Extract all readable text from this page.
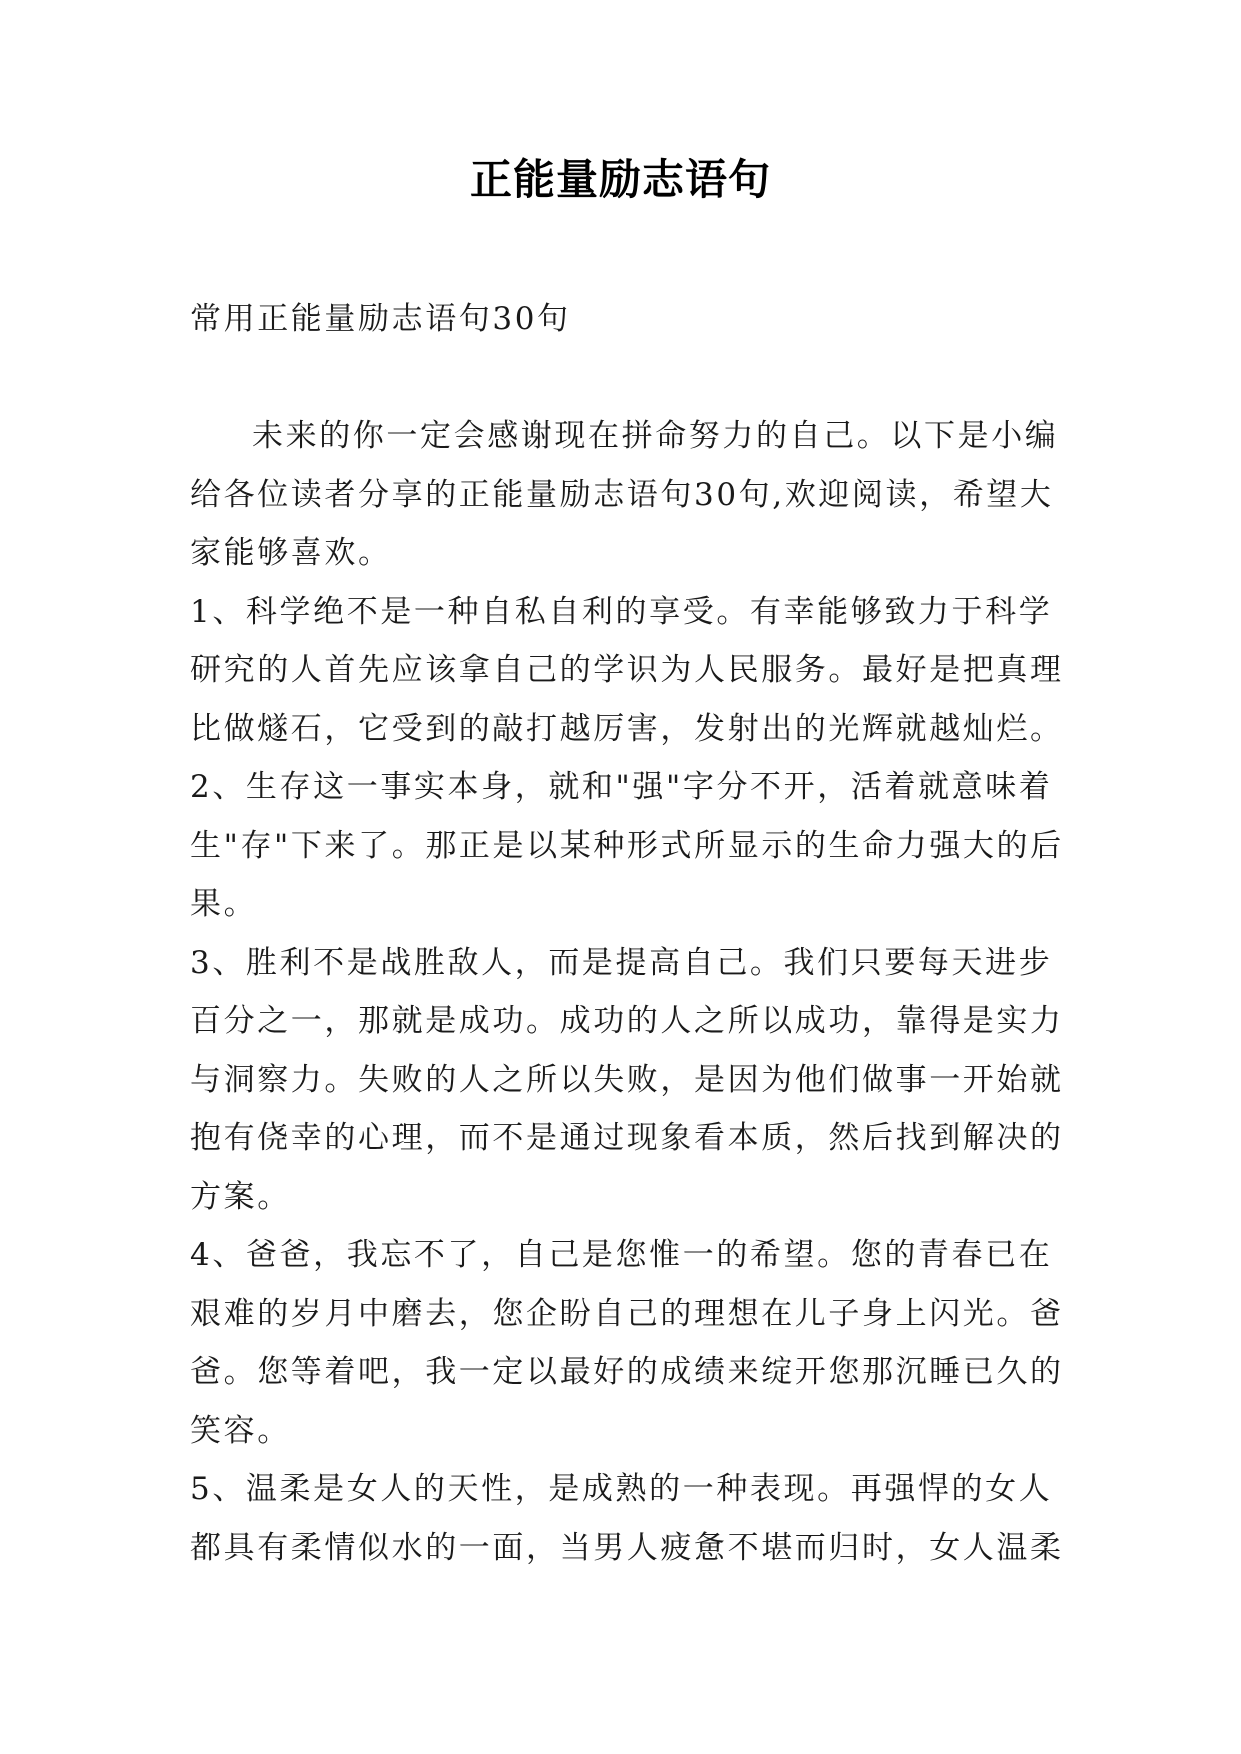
正能量励志语句

常用正能量励志语句30句

未来的你一定会感谢现在拼命努力的自己。以下是小编给各位读者分享的正能量励志语句30句,欢迎阅读，希望大家能够喜欢。

1、科学绝不是一种自私自利的享受。有幸能够致力于科学研究的人首先应该拿自己的学识为人民服务。最好是把真理比做燧石，它受到的敲打越厉害，发射出的光辉就越灿烂。

2、生存这一事实本身，就和"强"字分不开，活着就意味着生"存"下来了。那正是以某种形式所显示的生命力强大的后果。

3、胜利不是战胜敌人，而是提高自己。我们只要每天进步百分之一，那就是成功。成功的人之所以成功，靠得是实力与洞察力。失败的人之所以失败，是因为他们做事一开始就抱有侥幸的心理，而不是通过现象看本质，然后找到解决的方案。

4、爸爸，我忘不了，自己是您惟一的希望。您的青春已在艰难的岁月中磨去，您企盼自己的理想在儿子身上闪光。爸爸。您等着吧，我一定以最好的成绩来绽开您那沉睡已久的笑容。

5、温柔是女人的天性，是成熟的一种表现。再强悍的女人都具有柔情似水的一面，当男人疲惫不堪而归时，女人温柔
